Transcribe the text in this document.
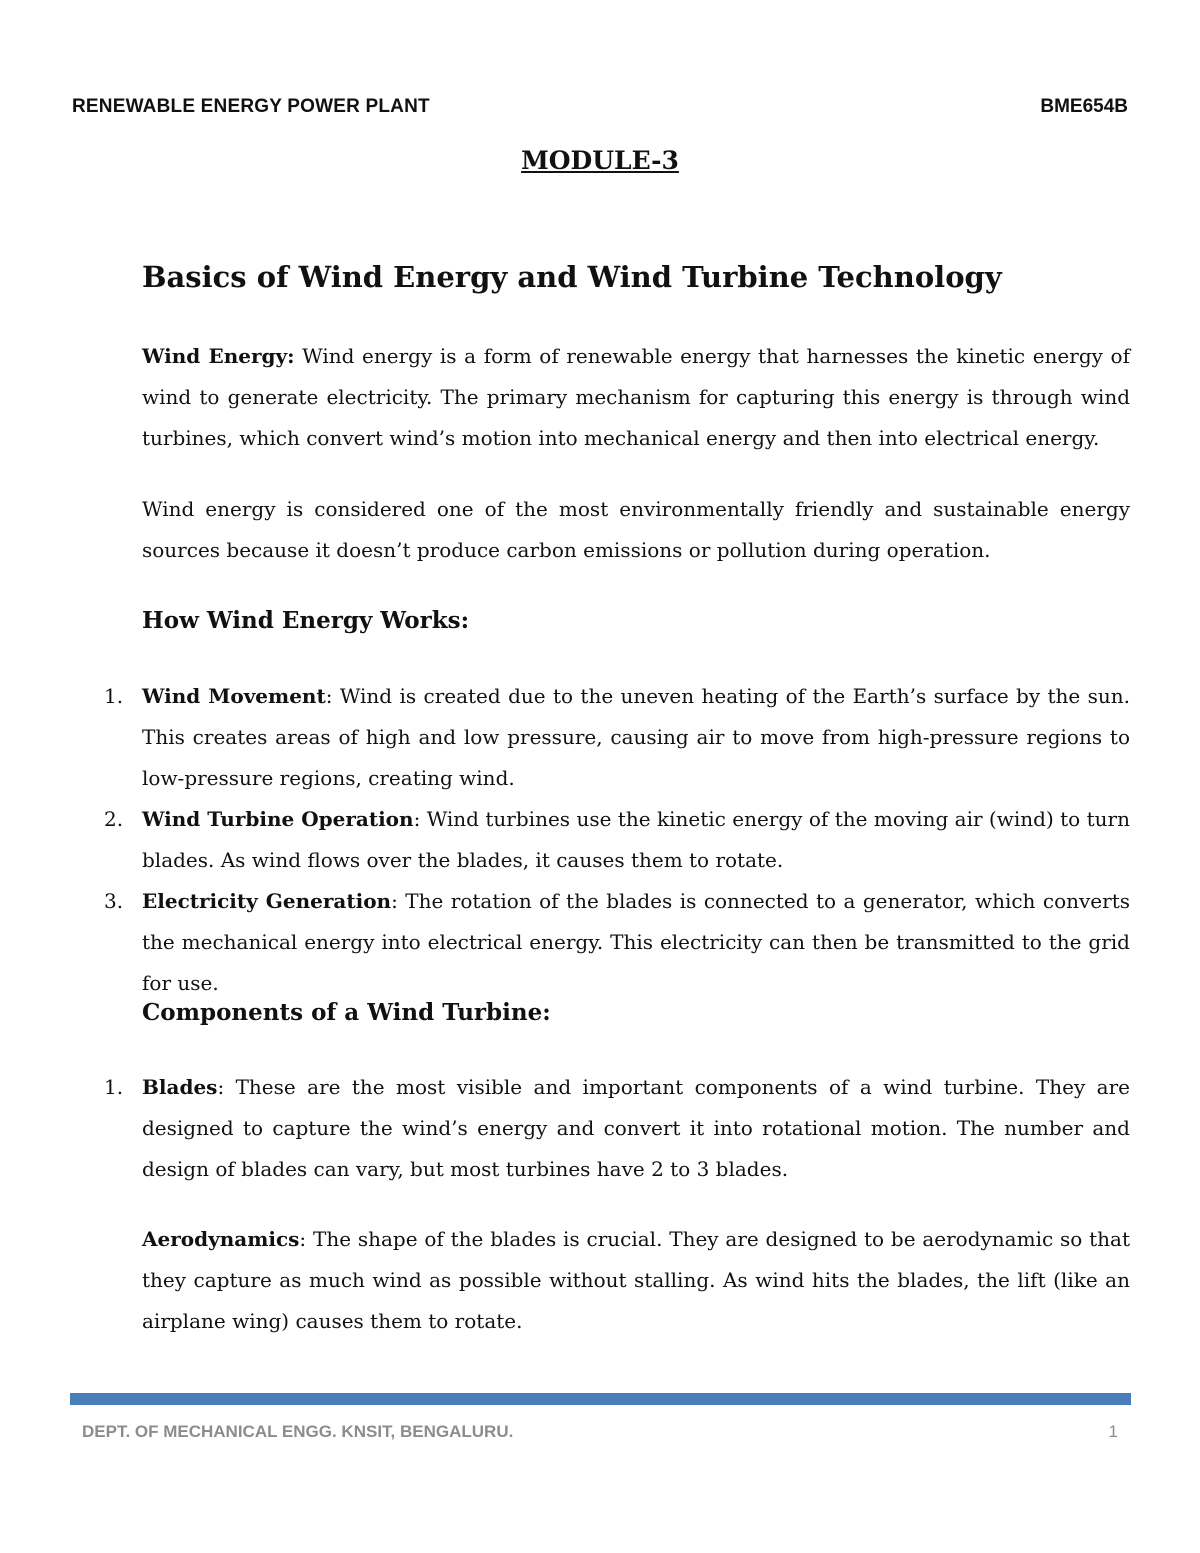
RENEWABLE ENERGY POWER PLANT	BME654B
MODULE-3
Basics of Wind Energy and Wind Turbine Technology

Wind Energy: Wind energy is a form of renewable energy that harnesses the kinetic energy of wind to generate electricity. The primary mechanism for capturing this energy is through wind turbines, which convert wind’s motion into mechanical energy and then into electrical energy.

Wind energy is considered one of the most environmentally friendly and sustainable energy sources because it doesn’t produce carbon emissions or pollution during operation.

How Wind Energy Works:
1. Wind Movement: Wind is created due to the uneven heating of the Earth’s surface by the sun. This creates areas of high and low pressure, causing air to move from high-pressure regions to low-pressure regions, creating wind.
2. Wind Turbine Operation: Wind turbines use the kinetic energy of the moving air (wind) to turn blades. As wind flows over the blades, it causes them to rotate.
3. Electricity Generation: The rotation of the blades is connected to a generator, which converts the mechanical energy into electrical energy. This electricity can then be transmitted to the grid for use.
Components of a Wind Turbine:
1. Blades: These are the most visible and important components of a wind turbine. They are designed to capture the wind’s energy and convert it into rotational motion. The number and design of blades can vary, but most turbines have 2 to 3 blades.

Aerodynamics: The shape of the blades is crucial. They are designed to be aerodynamic so that they capture as much wind as possible without stalling. As wind hits the blades, the lift (like an airplane wing) causes them to rotate.

DEPT. OF MECHANICAL ENGG. KNSIT, BENGALURU.	1
